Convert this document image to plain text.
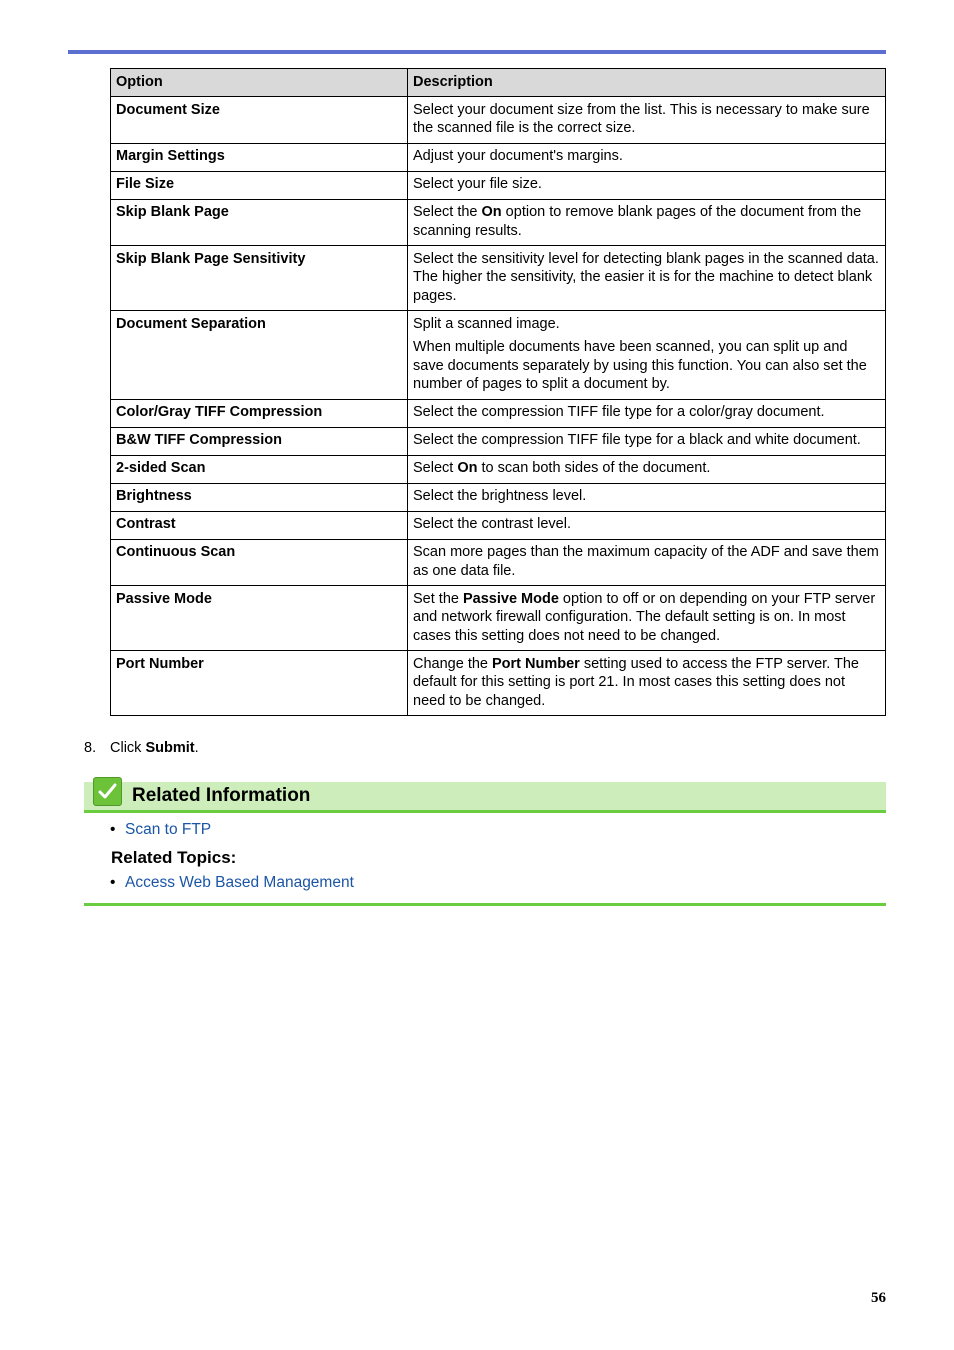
Option	Description
Document Size	Select your document size from the list. This is necessary to make sure the scanned file is the correct size.

Margin Settings	Adjust your document's margins.

File Size	Select your file size.

Skip Blank Page	Select the On option to remove blank pages of the document from the scanning results.

Skip Blank Page Sensitivity	Select the sensitivity level for detecting blank pages in the scanned data. The higher the sensitivity, the easier it is for the machine to detect blank pages.

Document Separation	Split a scanned image.

When multiple documents have been scanned, you can split up and save documents separately by using this function. You can also set the number of pages to split a document by.

Color/Gray TIFF Compression	Select the compression TIFF file type for a color/gray document.

B&W TIFF Compression	Select the compression TIFF file type for a black and white document.

2-sided Scan	Select On to scan both sides of the document.

Brightness	Select the brightness level.

Contrast	Select the contrast level.

Continuous Scan	Scan more pages than the maximum capacity of the ADF and save them as one data file.

Passive Mode	Set the Passive Mode option to off or on depending on your FTP server and network firewall configuration. The default setting is on. In most cases this setting does not need to be changed.

Port Number	Change the Port Number setting used to access the FTP server. The default for this setting is port 21. In most cases this setting does not need to be changed.

8. Click Submit.
Related Information
• Scan to FTP
Related Topics:
• Access Web Based Management
56
